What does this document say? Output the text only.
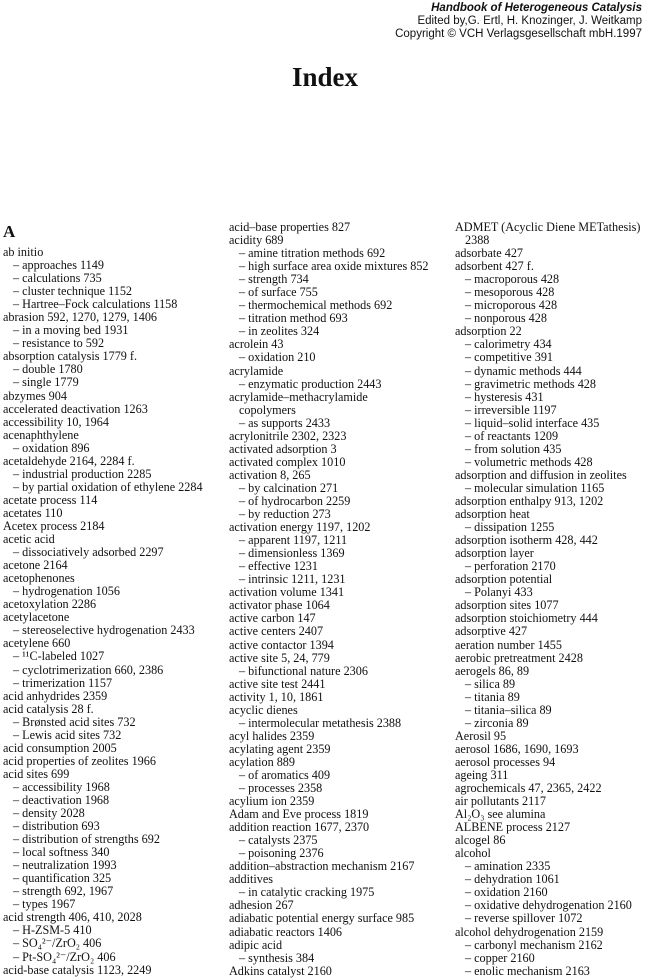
Handbook of Heterogeneous Catalysis
Edited by,G. Ertl, H. Knozinger, J. Weitkamp
Copyright © VCH Verlagsgesellschaft mbH.1997
Index
A
ab initio
– approaches 1149
– calculations 735
– cluster technique 1152
– Hartree–Fock calculations 1158
abrasion 592, 1270, 1279, 1406
– in a moving bed 1931
– resistance to 592
absorption catalysis 1779 f.
– double 1780
– single 1779
abzymes 904
accelerated deactivation 1263
accessibility 10, 1964
acenaphthylene
– oxidation 896
acetaldehyde 2164, 2284 f.
– industrial production 2285
– by partial oxidation of ethylene 2284
acetate process 114
acetates 110
Acetex process 2184
acetic acid
– dissociatively adsorbed 2297
acetone 2164
acetophenones
– hydrogenation 1056
acetoxylation 2286
acetylacetone
– stereoselective hydrogenation 2433
acetylene 660
– ¹¹C-labeled 1027
– cyclotrimerization 660, 2386
– trimerization 1157
acid anhydrides 2359
acid catalysis 28 f.
– Brønsted acid sites 732
– Lewis acid sites 732
acid consumption 2005
acid properties of zeolites 1966
acid sites 699
– accessibility 1968
– deactivation 1968
– density 2028
– distribution 693
– distribution of strengths 692
– local softness 340
– neutralization 1993
– quantification 325
– strength 692, 1967
– types 1967
acid strength 406, 410, 2028
– H-ZSM-5 410
– SO₄²⁻/ZrO₂ 406
– Pt-SO₄²⁻/ZrO₂ 406
acid-base catalysis 1123, 2249
acid–base properties 827
acidity 689
– amine titration methods 692
– high surface area oxide mixtures 852
– strength 734
– of surface 755
– thermochemical methods 692
– titration method 693
– in zeolites 324
acrolein 43
– oxidation 210
acrylamide
– enzymatic production 2443
acrylamide–methacrylamide
copolymers
– as supports 2433
acrylonitrile 2302, 2323
activated adsorption 3
activated complex 1010
activation 8, 265
– by calcination 271
– of hydrocarbon 2259
– by reduction 273
activation energy 1197, 1202
– apparent 1197, 1211
– dimensionless 1369
– effective 1231
– intrinsic 1211, 1231
activation volume 1341
activator phase 1064
active carbon 147
active centers 2407
active contactor 1394
active site 5, 24, 779
– bifunctional nature 2306
active site test 2441
activity 1, 10, 1861
acyclic dienes
– intermolecular metathesis 2388
acyl halides 2359
acylating agent 2359
acylation 889
– of aromatics 409
– processes 2358
acylium ion 2359
Adam and Eve process 1819
addition reaction 1677, 2370
– catalysts 2375
– poisoning 2376
addition–abstraction mechanism 2167
additives
– in catalytic cracking 1975
adhesion 267
adiabatic potential energy surface 985
adiabatic reactors 1406
adipic acid
– synthesis 384
Adkins catalyst 2160
ADMET (Acyclic Diene METathesis)
2388
adsorbate 427
adsorbent 427 f.
– macroporous 428
– mesoporous 428
– microporous 428
– nonporous 428
adsorption 22
– calorimetry 434
– competitive 391
– dynamic methods 444
– gravimetric methods 428
– hysteresis 431
– irreversible 1197
– liquid–solid interface 435
– of reactants 1209
– from solution 435
– volumetric methods 428
adsorption and diffusion in zeolites
– molecular simulation 1165
adsorption enthalpy 913, 1202
adsorption heat
– dissipation 1255
adsorption isotherm 428, 442
adsorption layer
– perforation 2170
adsorption potential
– Polanyi 433
adsorption sites 1077
adsorption stoichiometry 444
adsorptive 427
aeration number 1455
aerobic pretreatment 2428
aerogels 86, 89
– silica 89
– titania 89
– titania–silica 89
– zirconia 89
Aerosil 95
aerosol 1686, 1690, 1693
aerosol processes 94
ageing 311
agrochemicals 47, 2365, 2422
air pollutants 2117
Al₂O₃ see alumina
ALBENE process 2127
alcogel 86
alcohol
– amination 2335
– dehydration 1061
– oxidation 2160
– oxidative dehydrogenation 2160
– reverse spillover 1072
alcohol dehydrogenation 2159
– carbonyl mechanism 2162
– copper 2160
– enolic mechanism 2163
